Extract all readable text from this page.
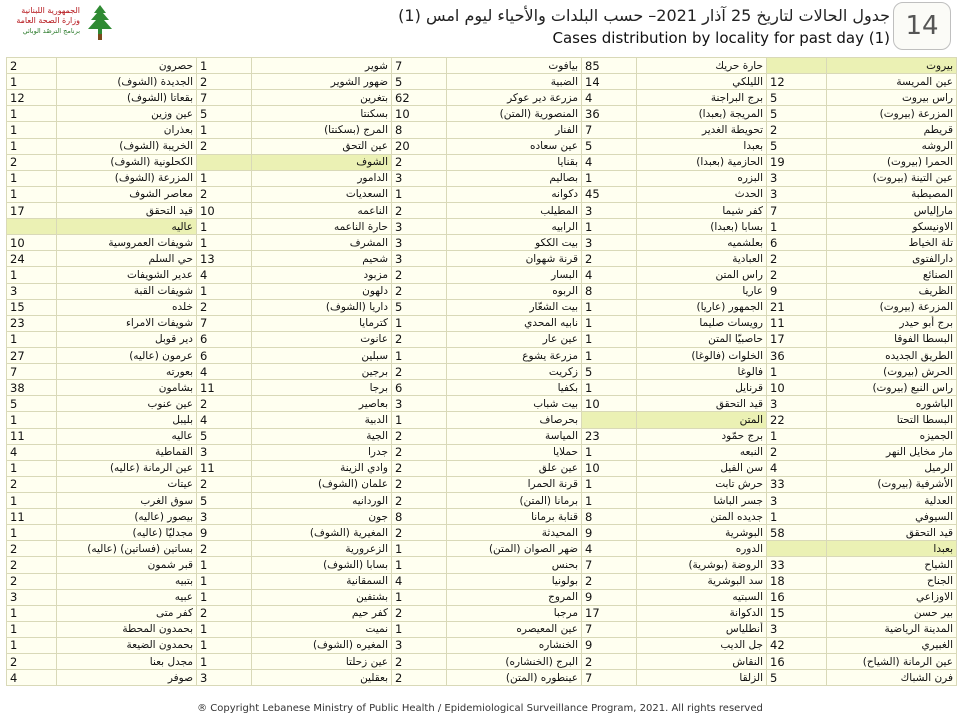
الجمهورية اللبنانية
وزارة الصحة العامة
برنامج الترصّد الوبائي
جدول الحالات لتاريخ 25 آذار 2021– حسب البلدات والأحياء ليوم امس (1)
Cases distribution by locality for past day (1) 14
2	حصرون	1	شوير	7	بيافوت	85	حارة حريك		بيروت
1	الجديدة (الشوف)	2	ضهور الشوير	5	الضبية	14	الليلكي	12	عين المريسة
12	بقعاتا (الشوف)	7	بتغرين	62	مزرعة دير عوكر	4	برج البراجنة	5	راس بيروت
1	عين وزين	5	بسكنتا	10	المنصورية (المتن)	36	المريجة (بعبدا)	5	المزرعة (بيروت)
1	بعذران	1	المرج (بسكنتا)	8	الفنار	7	تحويطة الغدير	2	قريطم
1	الخريبة (الشوف)	2	عين التحق	20	عين سعاده	5	بعبدا	5	الروشه
2	الكحلونية (الشوف)		الشوف	2	بقنايا	4	الحازمية (بعبدا)	19	الحمرا (بيروت)
1	المزرعة (الشوف)	1	الدامور	3	بصاليم	1	البزره	3	عين التينة (بيروت)
1	معاصر الشوف	2	السعديات	1	دكوانه	45	الحدث	3	المصيطبة
17	قيد التحقق	10	الناعمه	2	المطيلب	3	كفر شيما	7	مارإلياس
	عاليه	1	حارة الناعمه	3	الرابيه	1	بسابا (بعبدا)	1	الاونيسكو
10	شويفات العمروسية	1	المشرف	3	بيت الككو	3	بعلشميه	6	تلة الخياط
24	حي السلم	13	شحيم	3	قرنة شهوان	2	العبادية	2	دارالفتوى
1	عدير الشويفات	4	مزبود	2	البسار	4	راس المتن	2	الصنائع
3	شويفات القبة	1	دلهون	2	الربوه	8	عاريا	9	الظريف
15	خلده	2	داريا (الشوف)	5	بيت الشعّار	1	الجمهور (عاريا)	21	المزرعة (بيروت)
23	شويفات الامراء	7	كترمايا	1	نابيه المحدي	1	رويسات صليما	11	برج أبو حيدر
1	دير قوبل	6	عانوت	2	عين عار	1	حاصبيّا المتن	17	البسطا الفوقا
27	عرمون (عاليه)	6	سبلين	1	مزرعة يشوع	1	الخلوات (فالوغا)	36	الطريق الجديده
7	بعورته	4	برجين	2	زكريت	5	فالوغا	1	الحرش (بيروت)
38	بشامون	11	برجا	6	بكفيا	1	قرنايل	10	راس النبع (بيروت)
5	عين عنوب	2	بعاصير	3	بيت شباب	10	قيد التحقق	3	الباشوره
1	بليبل	4	الدبية	1	بحرصاف		المتن	22	البسطا التحتا
11	عاليه	5	الجية	2	المياسة	23	برج حمّود	1	الجميزه
4	القماطية	3	جدرا	2	حملايا	1	النبعه	2	مار مخايل النهر
1	عين الرمانة (عاليه)	11	وادي الزينة	2	عين علق	10	سن الفيل	4	الرميل
2	عيتات	2	علمان (الشوف)	2	قرنة الحمرا	1	حرش تابت	33	الأشرفية (بيروت)
1	سوق الغرب	5	الوردانيه	2	برمانا (المتن)	1	جسر الباشا	3	العدلية
11	بيصور (عاليه)	3	جون	8	قنابة برمانا	8	جديده المتن	1	السيوفي
1	مجدليّا (عاليه)	9	المغيرية (الشوف)	2	المحيدثة	9	البوشرية	58	قيد التحقق
2	بساتين (فساتين) (عاليه)	2	الزعرورية	1	ضهر الصوان (المتن)	4	الدوره		بعبدا
2	قبر شمون	1	بسابا (الشوف)	1	بحنس	7	الروضة (بوشرية)	33	الشياح
2	بتبيه	1	السمقانية	4	بولونيا	2	سد البوشرية	18	الجناح
3	عبيه	1	بشتفين	1	المروج	9	السبتيه	16	الاوزاعي
1	كفر متى	2	كفر حيم	2	مرجبا	17	الدكوانة	15	بير حسن
1	بحمدون المحطة	1	نميت	1	عين المعيصره	7	أنطلياس	3	المدينة الرياضية
1	بحمدون الضيعة	1	المغيره (الشوف)	3	الخنشاره	9	جل الديب	42	الغبيري
2	مجدل بعنا	1	عين زحلتا	2	البرج (الخنشاره)	2	النقاش	16	عين الرمانة (الشياح)
4	صوفر	3	بعقلين	2	عينطوره (المتن)	7	الزلقا	5	فرن الشباك
® Copyright Lebanese Ministry of Public Health / Epidemiological Surveillance Program, 2021. All rights reserved
